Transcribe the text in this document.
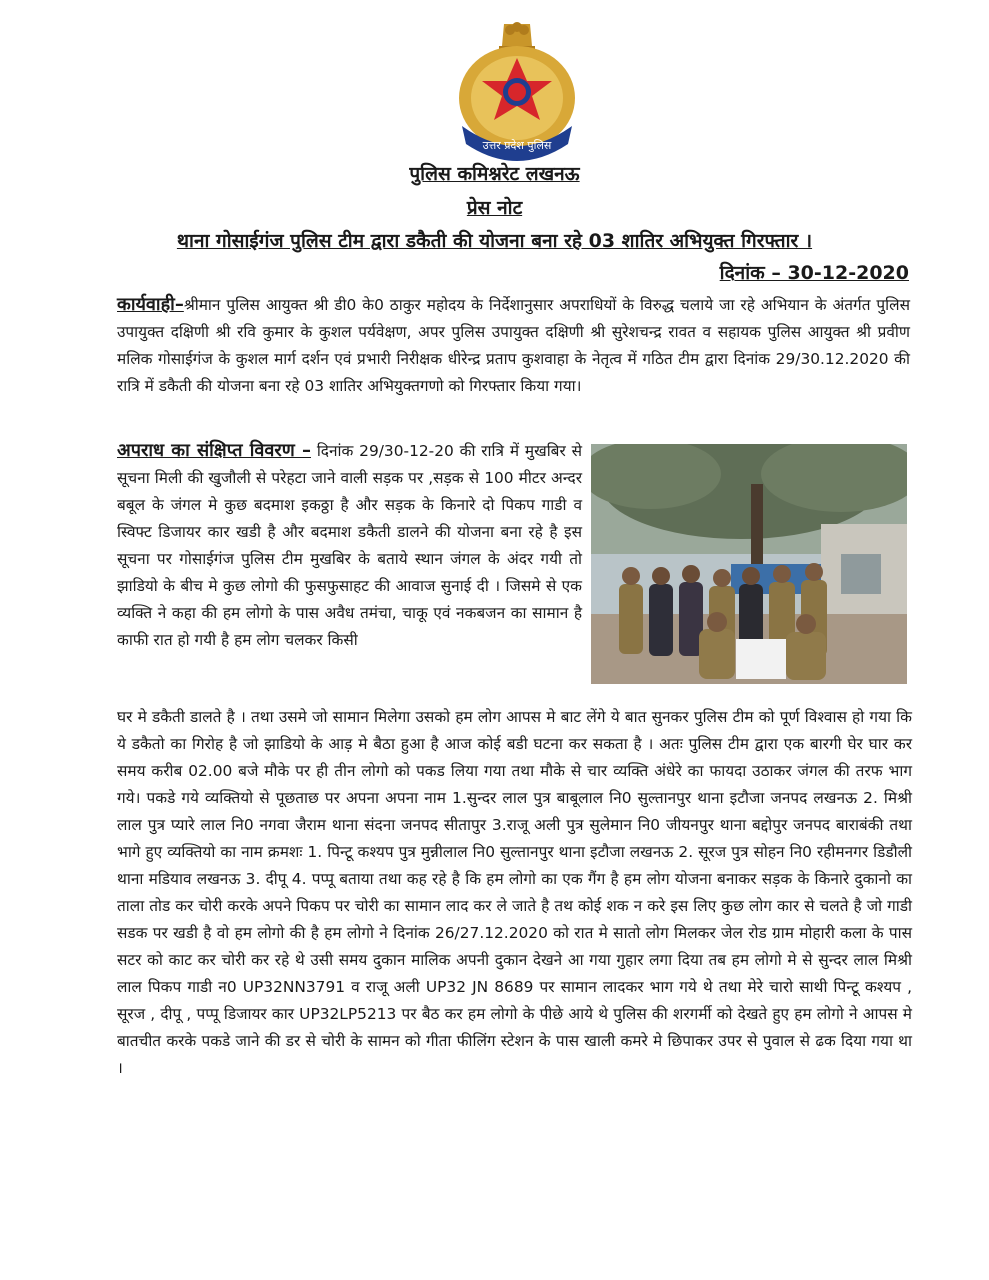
उत्तर प्रदेश पुलिस
पुलिस कमिश्नरेट लखनऊ
प्रेस नोट
थाना गोसाईगंज पुलिस टीम द्वारा डकैती की योजना बना रहे 03 शातिर अभियुक्त गिरफ्तार ।
दिनांक – 30-12-2020
कार्यवाही–श्रीमान पुलिस आयुक्त श्री डी0 के0 ठाकुर महोदय के निर्देशानुसार अपराधियों के विरुद्ध चलाये जा रहे अभियान के अंतर्गत पुलिस उपायुक्त दक्षिणी श्री रवि कुमार के कुशल पर्यवेक्षण, अपर पुलिस उपायुक्त दक्षिणी श्री सुरेशचन्द्र रावत व सहायक पुलिस आयुक्त श्री प्रवीण मलिक गोसाईगंज के कुशल मार्ग दर्शन एवं प्रभारी निरीक्षक धीरेन्द्र प्रताप कुशवाहा के नेतृत्व में गठित टीम द्वारा दिनांक 29/30.12.2020 की रात्रि में डकैती की योजना बना रहे 03 शातिर अभियुक्तगणो को गिरफ्तार किया गया।
अपराध का संक्षिप्त विवरण – दिनांक 29/30-12-20 की रात्रि में मुखबिर से सूचना मिली की खुजौली से परेहटा जाने वाली सड़क पर ,सड़क से 100 मीटर अन्दर बबूल के जंगल मे कुछ बदमाश इकठ्ठा है और सड़क के किनारे दो पिकप गाडी व स्विफ्ट डिजायर कार खडी है और बदमाश डकैती डालने की योजना बना रहे है इस सूचना पर गोसाईगंज पुलिस टीम मुखबिर के बताये स्थान जंगल के अंदर गयी तो झाडियो के बीच मे कुछ लोगो की फुसफुसाहट की आवाज सुनाई दी । जिसमे से एक व्यक्ति ने कहा की हम लोगो के पास अवैध तमंचा, चाकू एवं नकबजन का सामान है काफी रात हो गयी है हम लोग चलकर किसी
घर मे डकैती डालते है । तथा उसमे जो सामान मिलेगा उसको हम लोग आपस मे बाट लेंगे ये बात सुनकर पुलिस टीम को पूर्ण विश्वास हो गया कि ये डकैतो का गिरोह है जो झाडियो के आड़ मे बैठा हुआ है आज कोई बडी घटना कर सकता है । अतः पुलिस टीम द्वारा एक बारगी घेर घार कर समय करीब 02.00 बजे मौके पर ही तीन लोगो को पकड लिया गया तथा मौके से चार व्यक्ति अंधेरे का फायदा उठाकर जंगल की तरफ भाग गये। पकडे गये व्यक्तियो से पूछताछ पर अपना अपना नाम 1.सुन्दर लाल पुत्र बाबूलाल नि0 सुल्तानपुर थाना इटौजा जनपद लखनऊ 2. मिश्री लाल पुत्र प्यारे लाल नि0 नगवा जैराम थाना संदना जनपद सीतापुर 3.राजू अली पुत्र सुलेमान नि0 जीयनपुर थाना बद्दोपुर जनपद बाराबंकी तथा भागे हुए व्यक्तियो का नाम क्रमशः 1. पिन्टू कश्यप पुत्र मुन्नीलाल नि0 सुल्तानपुर थाना इटौजा लखनऊ 2. सूरज पुत्र सोहन नि0 रहीमनगर डिडौली थाना मडियाव लखनऊ 3. दीपू 4. पप्पू बताया तथा कह रहे है कि हम लोगो का एक गैंग है हम लोग योजना बनाकर सड़क के किनारे दुकानो का ताला तोड कर चोरी करके अपने पिकप पर चोरी का सामान लाद कर ले जाते है तथ कोई शक न करे इस लिए कुछ लोग कार से चलते है जो गाडी सडक पर खडी है वो हम लोगो की है हम लोगो ने दिनांक 26/27.12.2020 को रात मे सातो लोग मिलकर जेल रोड ग्राम मोहारी कला के पास सटर को काट कर चोरी कर रहे थे उसी समय दुकान मालिक अपनी दुकान देखने आ गया गुहार लगा दिया तब हम लोगो मे से सुन्दर लाल मिश्री लाल पिकप गाडी न0 UP32NN3791 व राजू अली UP32 JN 8689 पर सामान लादकर भाग गये थे तथा मेरे चारो साथी पिन्टू कश्यप , सूरज , दीपू , पप्पू डिजायर कार UP32LP5213 पर बैठ कर हम लोगो के पीछे आये थे पुलिस की शरगर्मी को देखते हुए हम लोगो ने आपस मे बातचीत करके पकडे जाने की डर से चोरी के सामन को गीता फीलिंग स्टेशन के पास खाली कमरे मे छिपाकर उपर से पुवाल से ढक दिया गया था ।
